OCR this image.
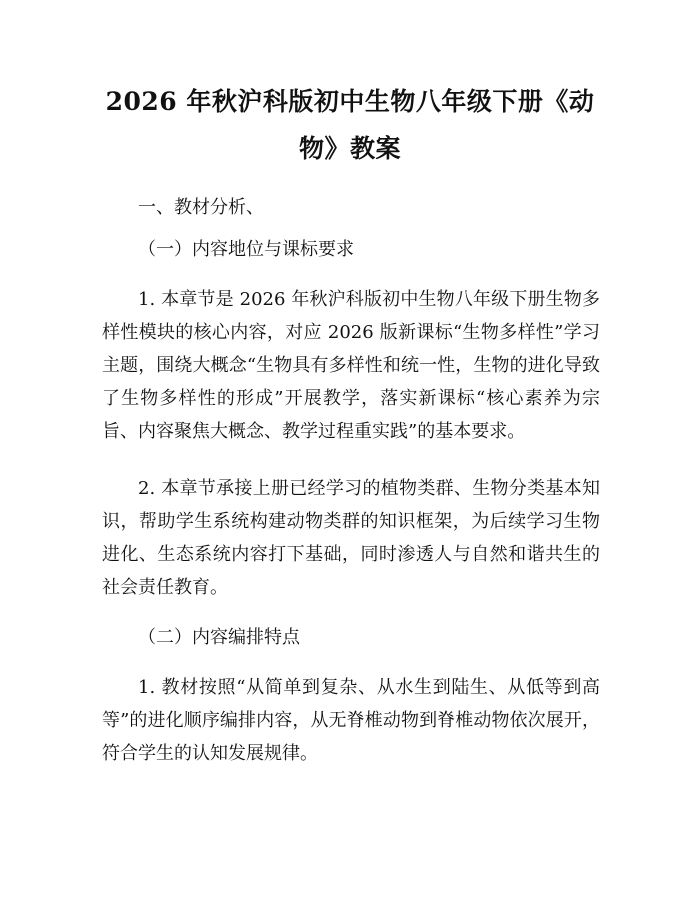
2026 年秋沪科版初中生物八年级下册《动
物》教案
一、教材分析、
（一）内容地位与课标要求
1. 本章节是 2026 年秋沪科版初中生物八年级下册生物多样性模块的核心内容，对应 2026 版新课标“生物多样性”学习主题，围绕大概念“生物具有多样性和统一性，生物的进化导致了生物多样性的形成”开展教学，落实新课标“核心素养为宗旨、内容聚焦大概念、教学过程重实践”的基本要求。
2. 本章节承接上册已经学习的植物类群、生物分类基本知识，帮助学生系统构建动物类群的知识框架，为后续学习生物进化、生态系统内容打下基础，同时渗透人与自然和谐共生的社会责任教育。
（二）内容编排特点
1. 教材按照“从简单到复杂、从水生到陆生、从低等到高等”的进化顺序编排内容，从无脊椎动物到脊椎动物依次展开，符合学生的认知发展规律。
